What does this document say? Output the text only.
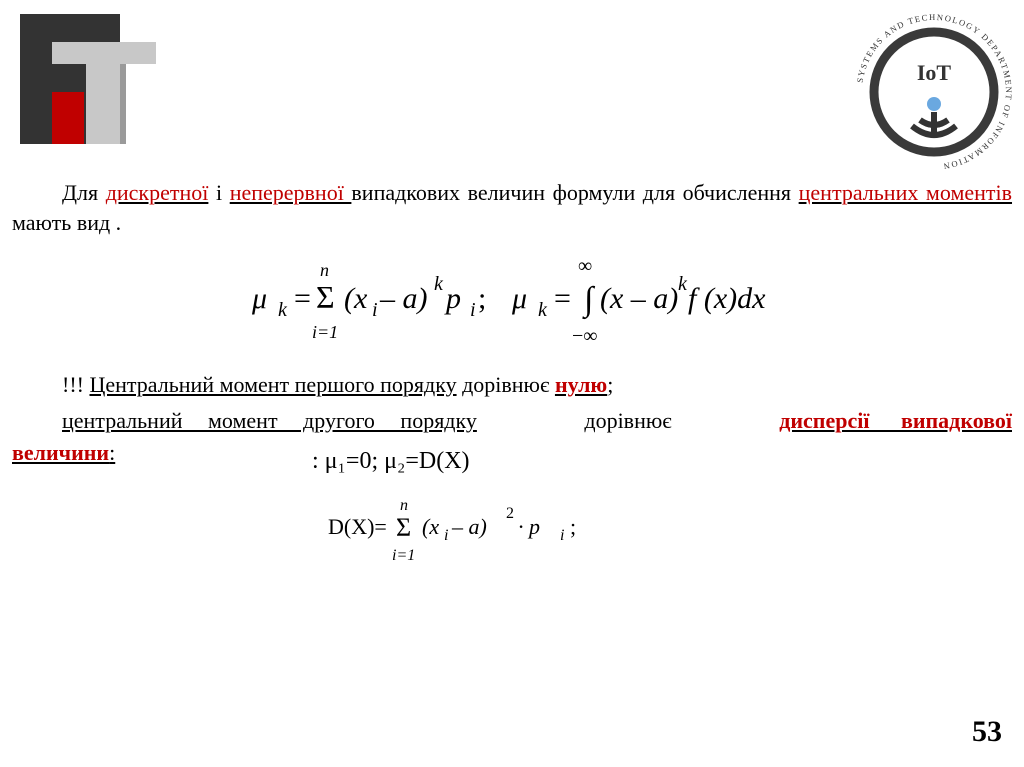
SYSTEMS AND TECHNOLOGY DEPARTMENT OF INFORMATION
IoT
Для дискретної і неперервної випадкових величин формули для обчислення центральних моментів мають вид .
μ k =
n
Σ
i=1
(x i – a) k p i ; μ k =
∞
∫
−∞
(x – a) k f (x)dx
!!! Центральний момент першого порядку дорівнює нулю;
центральний момент другого порядку	дорівнює	дисперсії випадкової
величини:	: μ₁=0; μ₂=D(X)
D(X)=
n
Σ
i=1
(x i – a)
2
· p i ;
53
